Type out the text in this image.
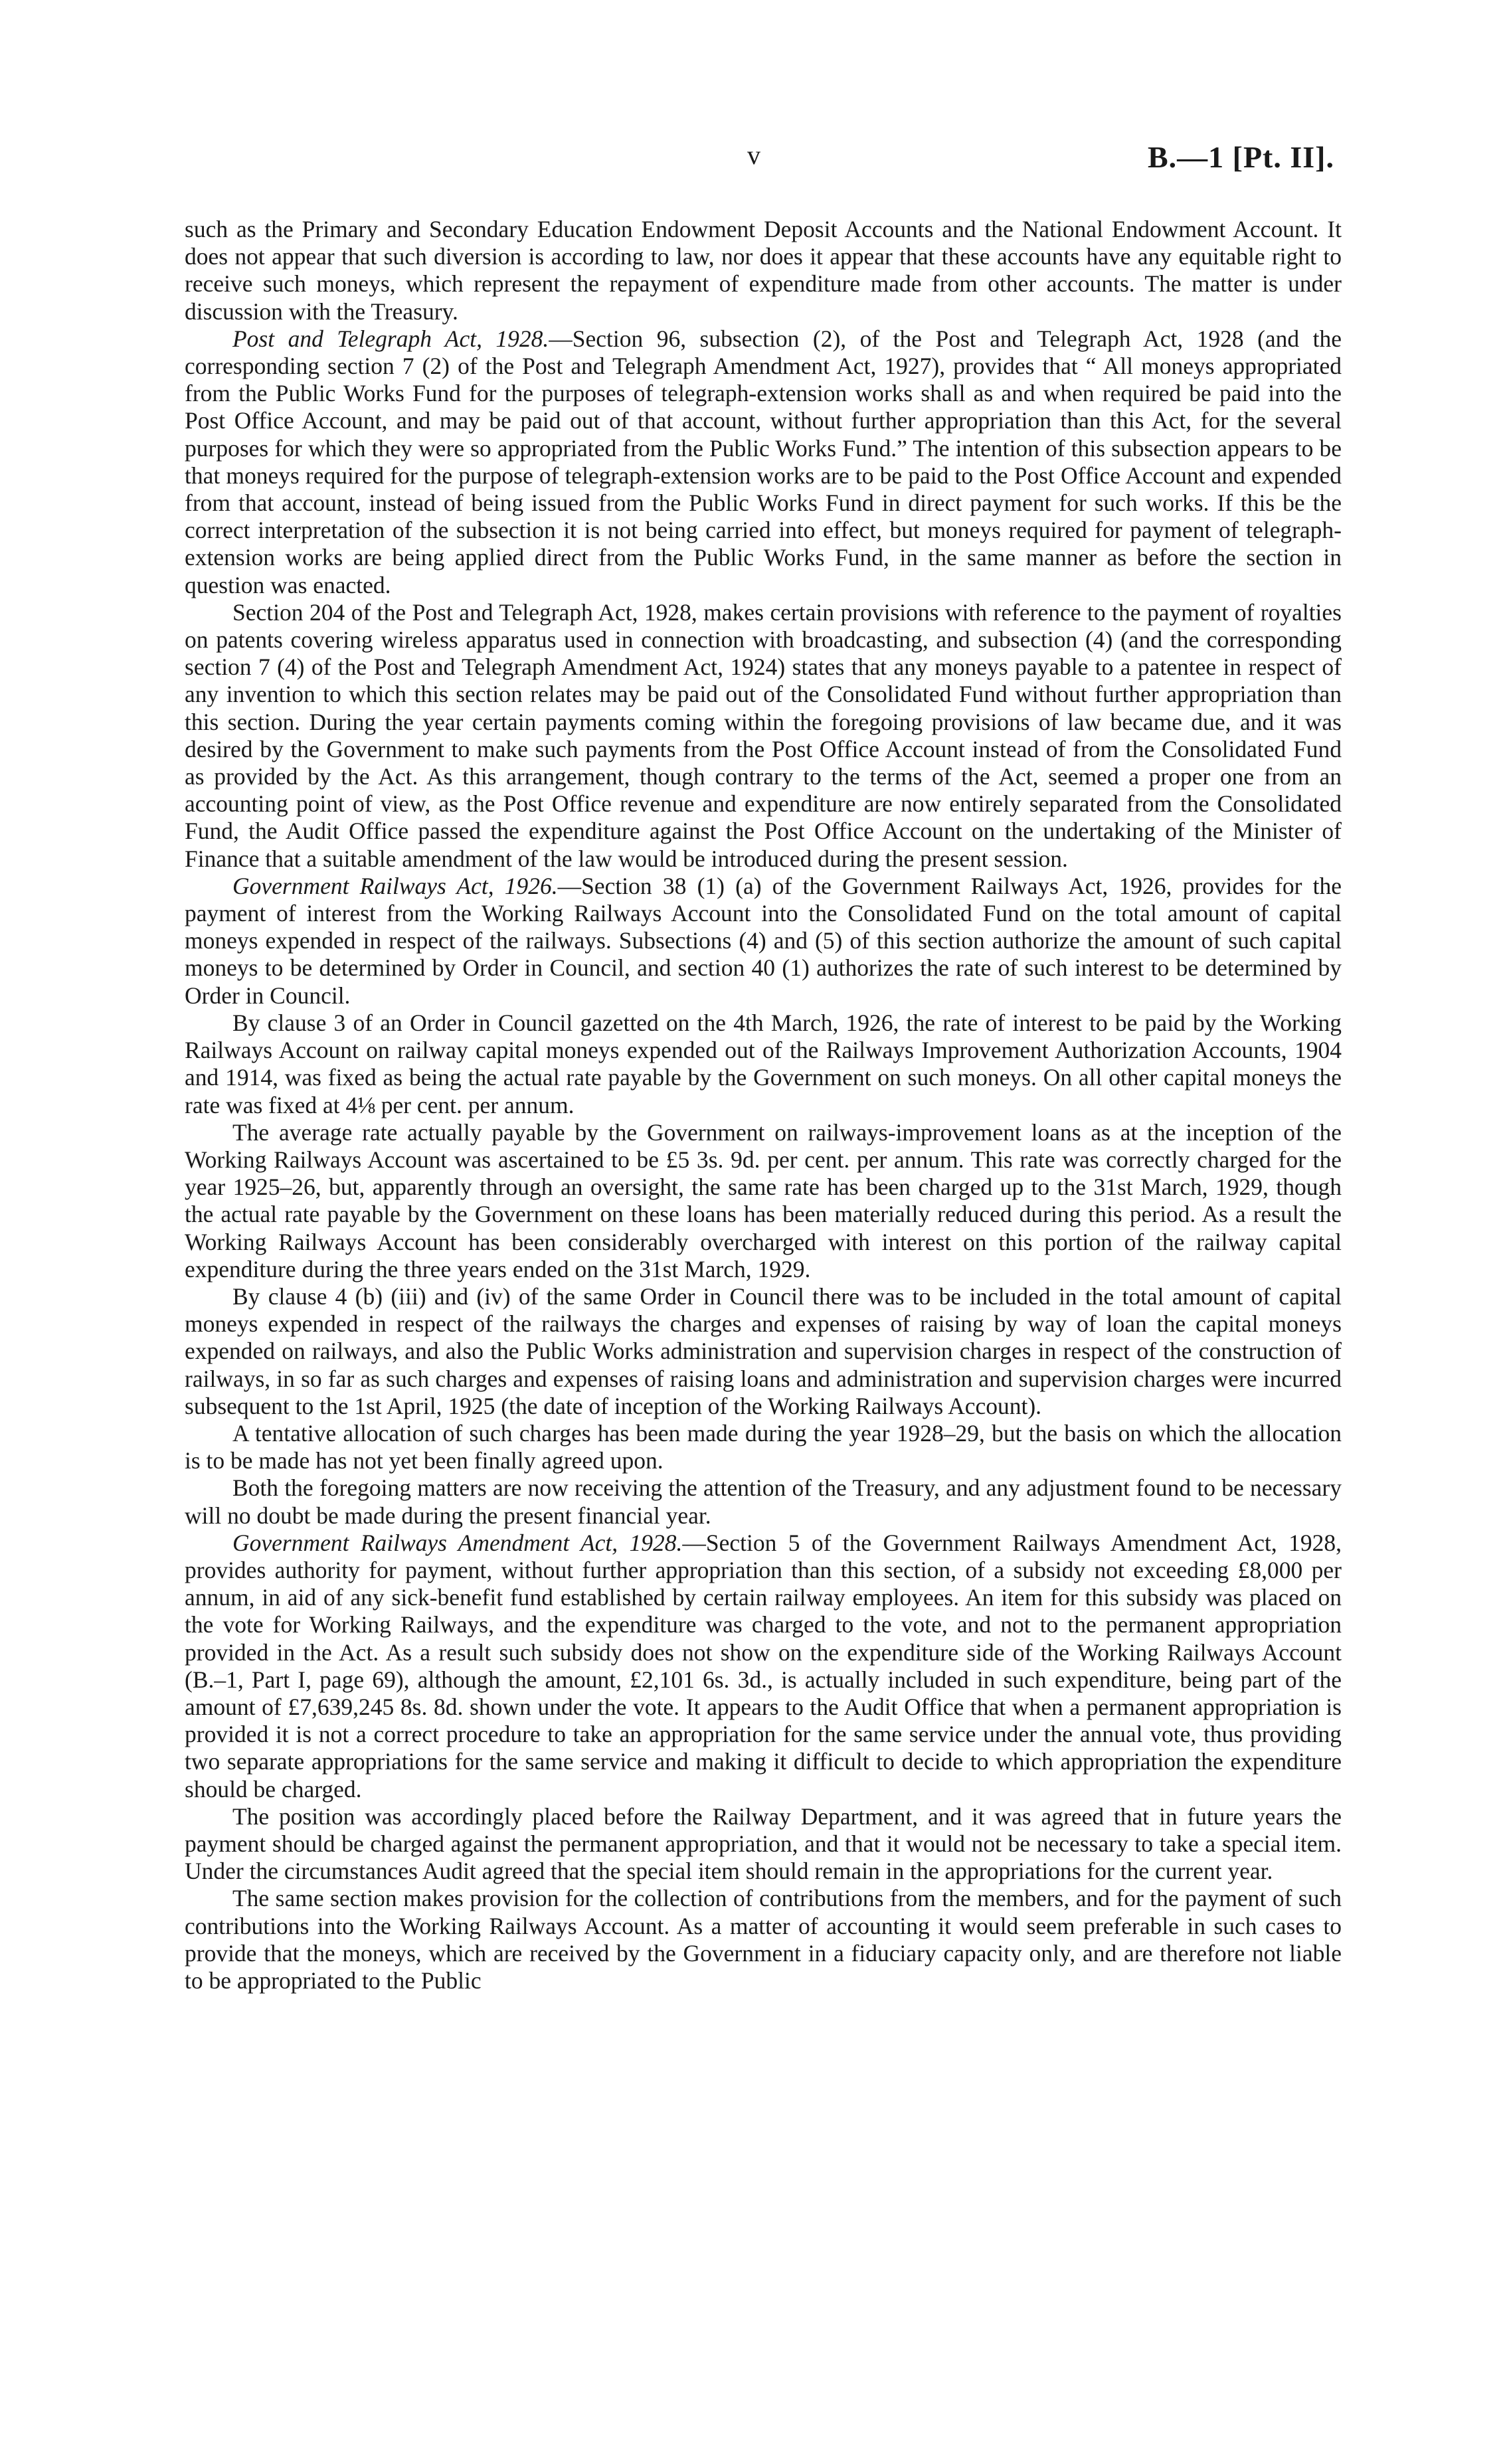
v	B.—1 [Pt. II].

such as the Primary and Secondary Education Endowment Deposit Accounts and the National Endowment Account. It does not appear that such diversion is according to law, nor does it appear that these accounts have any equitable right to receive such moneys, which represent the repayment of expenditure made from other accounts. The matter is under discussion with the Treasury.

Post and Telegraph Act, 1928.—Section 96, subsection (2), of the Post and Telegraph Act, 1928 (and the corresponding section 7 (2) of the Post and Telegraph Amendment Act, 1927), provides that “ All moneys appropriated from the Public Works Fund for the purposes of telegraph-extension works shall as and when required be paid into the Post Office Account, and may be paid out of that account, without further appropriation than this Act, for the several purposes for which they were so appropriated from the Public Works Fund.” The intention of this subsection appears to be that moneys required for the purpose of telegraph-extension works are to be paid to the Post Office Account and expended from that account, instead of being issued from the Public Works Fund in direct payment for such works. If this be the correct interpretation of the subsection it is not being carried into effect, but moneys required for payment of telegraph-extension works are being applied direct from the Public Works Fund, in the same manner as before the section in question was enacted.

Section 204 of the Post and Telegraph Act, 1928, makes certain provisions with reference to the payment of royalties on patents covering wireless apparatus used in connection with broadcasting, and subsection (4) (and the corresponding section 7 (4) of the Post and Telegraph Amendment Act, 1924) states that any moneys payable to a patentee in respect of any invention to which this section relates may be paid out of the Consolidated Fund without further appropriation than this section. During the year certain payments coming within the foregoing provisions of law became due, and it was desired by the Government to make such payments from the Post Office Account instead of from the Consolidated Fund as provided by the Act. As this arrangement, though contrary to the terms of the Act, seemed a proper one from an accounting point of view, as the Post Office revenue and expenditure are now entirely separated from the Consolidated Fund, the Audit Office passed the expenditure against the Post Office Account on the undertaking of the Minister of Finance that a suitable amendment of the law would be introduced during the present session.

Government Railways Act, 1926.—Section 38 (1) (a) of the Government Railways Act, 1926, provides for the payment of interest from the Working Railways Account into the Consolidated Fund on the total amount of capital moneys expended in respect of the railways. Subsections (4) and (5) of this section authorize the amount of such capital moneys to be determined by Order in Council, and section 40 (1) authorizes the rate of such interest to be determined by Order in Council.

By clause 3 of an Order in Council gazetted on the 4th March, 1926, the rate of interest to be paid by the Working Railways Account on railway capital moneys expended out of the Railways Improvement Authorization Accounts, 1904 and 1914, was fixed as being the actual rate payable by the Government on such moneys. On all other capital moneys the rate was fixed at 4⅛ per cent. per annum.

The average rate actually payable by the Government on railways-improvement loans as at the inception of the Working Railways Account was ascertained to be £5 3s. 9d. per cent. per annum. This rate was correctly charged for the year 1925–26, but, apparently through an oversight, the same rate has been charged up to the 31st March, 1929, though the actual rate payable by the Government on these loans has been materially reduced during this period. As a result the Working Railways Account has been considerably overcharged with interest on this portion of the railway capital expenditure during the three years ended on the 31st March, 1929.

By clause 4 (b) (iii) and (iv) of the same Order in Council there was to be included in the total amount of capital moneys expended in respect of the railways the charges and expenses of raising by way of loan the capital moneys expended on railways, and also the Public Works administration and supervision charges in respect of the construction of railways, in so far as such charges and expenses of raising loans and administration and supervision charges were incurred subsequent to the 1st April, 1925 (the date of inception of the Working Railways Account).

A tentative allocation of such charges has been made during the year 1928–29, but the basis on which the allocation is to be made has not yet been finally agreed upon.

Both the foregoing matters are now receiving the attention of the Treasury, and any adjustment found to be necessary will no doubt be made during the present financial year.

Government Railways Amendment Act, 1928.—Section 5 of the Government Railways Amendment Act, 1928, provides authority for payment, without further appropriation than this section, of a subsidy not exceeding £8,000 per annum, in aid of any sick-benefit fund established by certain railway employees. An item for this subsidy was placed on the vote for Working Railways, and the expenditure was charged to the vote, and not to the permanent appropriation provided in the Act. As a result such subsidy does not show on the expenditure side of the Working Railways Account (B.–1, Part I, page 69), although the amount, £2,101 6s. 3d., is actually included in such expenditure, being part of the amount of £7,639,245 8s. 8d. shown under the vote. It appears to the Audit Office that when a permanent appropriation is provided it is not a correct procedure to take an appropriation for the same service under the annual vote, thus providing two separate appropriations for the same service and making it difficult to decide to which appropriation the expenditure should be charged.

The position was accordingly placed before the Railway Department, and it was agreed that in future years the payment should be charged against the permanent appropriation, and that it would not be necessary to take a special item. Under the circumstances Audit agreed that the special item should remain in the appropriations for the current year.

The same section makes provision for the collection of contributions from the members, and for the payment of such contributions into the Working Railways Account. As a matter of accounting it would seem preferable in such cases to provide that the moneys, which are received by the Government in a fiduciary capacity only, and are therefore not liable to be appropriated to the Public
